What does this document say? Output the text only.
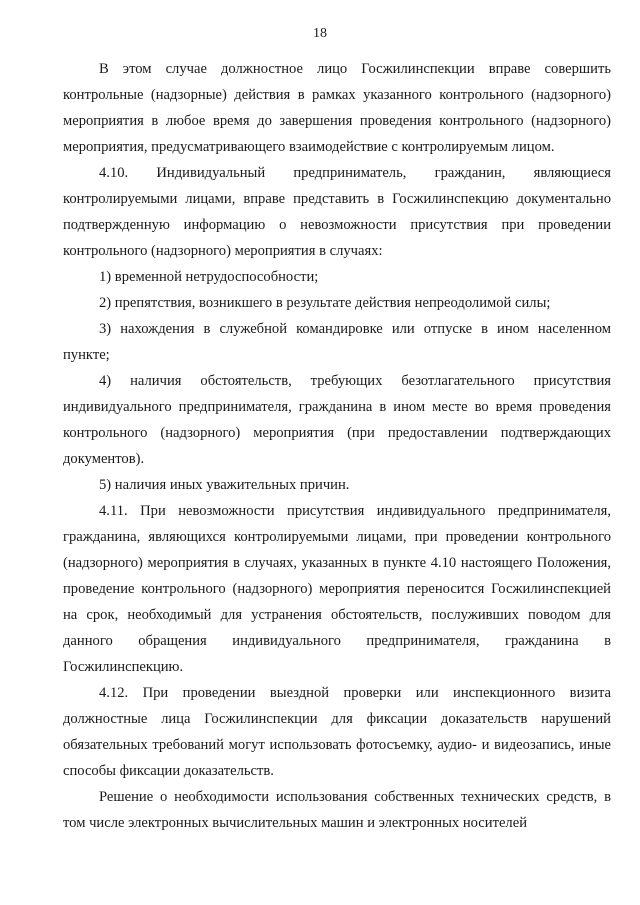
18

В этом случае должностное лицо Госжилинспекции вправе совершить контрольные (надзорные) действия в рамках указанного контрольного (надзорного) мероприятия в любое время до завершения проведения контрольного (надзорного) мероприятия, предусматривающего взаимодействие с контролируемым лицом.

4.10. Индивидуальный предприниматель, гражданин, являющиеся контролируемыми лицами, вправе представить в Госжилинспекцию документально подтвержденную информацию о невозможности присутствия при проведении контрольного (надзорного) мероприятия в случаях:

1) временной нетрудоспособности;

2) препятствия, возникшего в результате действия непреодолимой силы;

3) нахождения в служебной командировке или отпуске в ином населенном пункте;

4) наличия обстоятельств, требующих безотлагательного присутствия индивидуального предпринимателя, гражданина в ином месте во время проведения контрольного (надзорного) мероприятия (при предоставлении подтверждающих документов).

5) наличия иных уважительных причин.

4.11. При невозможности присутствия индивидуального предпринимателя, гражданина, являющихся контролируемыми лицами, при проведении контрольного (надзорного) мероприятия в случаях, указанных в пункте 4.10 настоящего Положения, проведение контрольного (надзорного) мероприятия переносится Госжилинспекцией на срок, необходимый для устранения обстоятельств, послуживших поводом для данного обращения индивидуального предпринимателя, гражданина в Госжилинспекцию.

4.12. При проведении выездной проверки или инспекционного визита должностные лица Госжилинспекции для фиксации доказательств нарушений обязательных требований могут использовать фотосъемку, аудио- и видеозапись, иные способы фиксации доказательств.

Решение о необходимости использования собственных технических средств, в том числе электронных вычислительных машин и электронных носителей
